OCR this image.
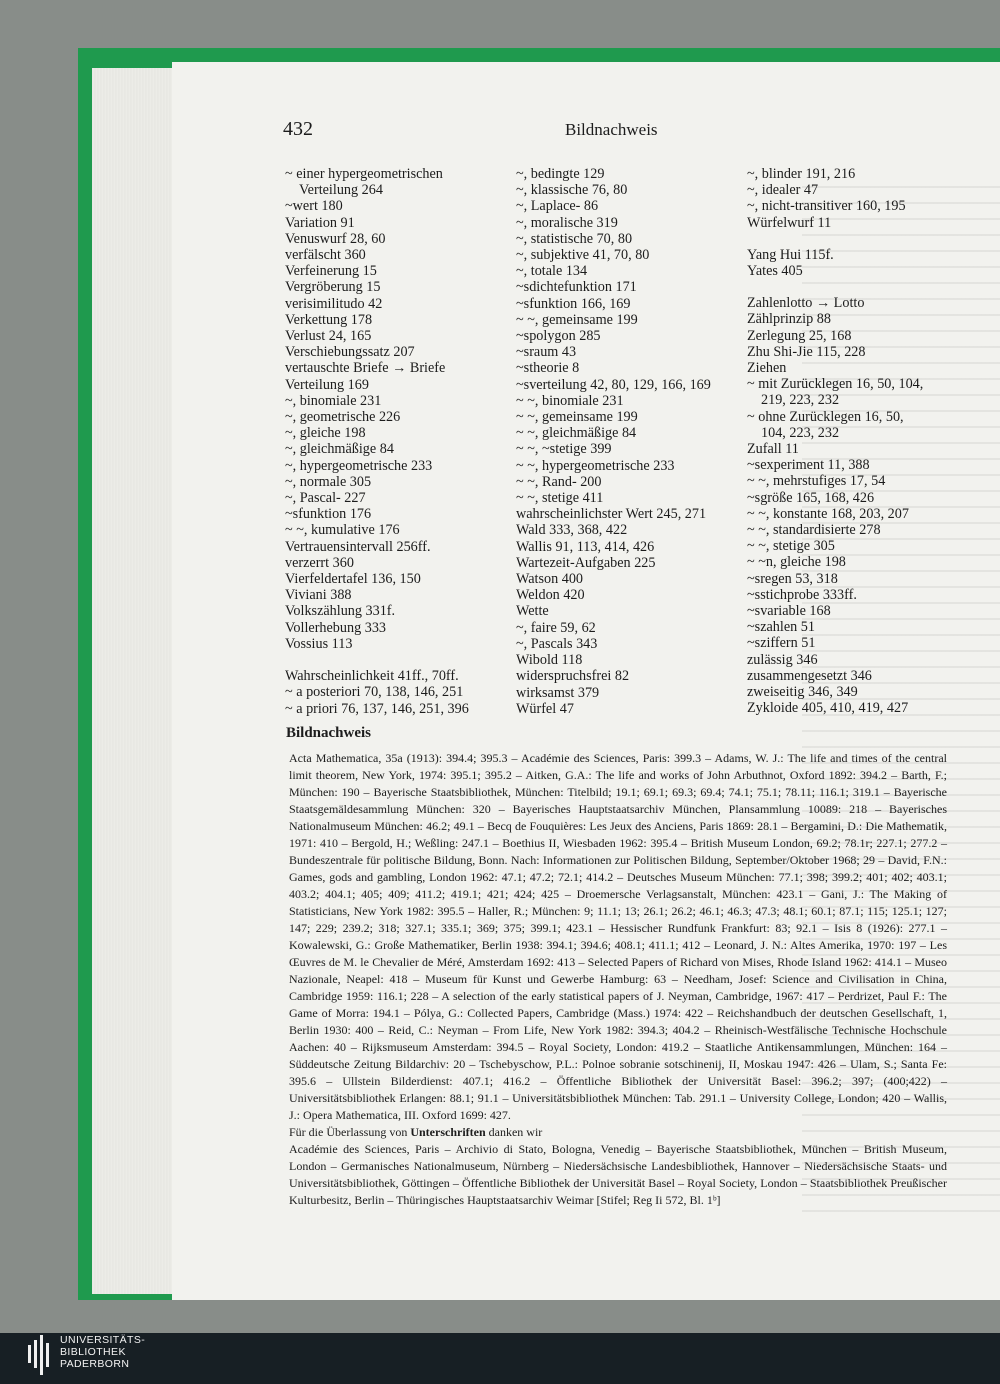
432	Bildnachweis
~ einer hypergeometrischen
Verteilung 264
~wert 180
Variation 91
Venuswurf 28, 60
verfälscht 360
Verfeinerung 15
Vergröberung 15
verisimilitudo 42
Verkettung 178
Verlust 24, 165
Verschiebungssatz 207
vertauschte Briefe → Briefe
Verteilung 169
~, binomiale 231
~, geometrische 226
~, gleiche 198
~, gleichmäßige 84
~, hypergeometrische 233
~, normale 305
~, Pascal- 227
~sfunktion 176
~ ~, kumulative 176
Vertrauensintervall 256ff.
verzerrt 360
Vierfeldertafel 136, 150
Viviani 388
Volkszählung 331f.
Vollerhebung 333
Vossius 113
Wahrscheinlichkeit 41ff., 70ff.
~ a posteriori 70, 138, 146, 251
~ a priori 76, 137, 146, 251, 396
~, bedingte 129
~, klassische 76, 80
~, Laplace- 86
~, moralische 319
~, statistische 70, 80
~, subjektive 41, 70, 80
~, totale 134
~sdichtefunktion 171
~sfunktion 166, 169
~ ~, gemeinsame 199
~spolygon 285
~sraum 43
~stheorie 8
~sverteilung 42, 80, 129, 166, 169
~ ~, binomiale 231
~ ~, gemeinsame 199
~ ~, gleichmäßige 84
~ ~, ~stetige 399
~ ~, hypergeometrische 233
~ ~, Rand- 200
~ ~, stetige 411
wahrscheinlichster Wert 245, 271
Wald 333, 368, 422
Wallis 91, 113, 414, 426
Wartezeit-Aufgaben 225
Watson 400
Weldon 420
Wette
~, faire 59, 62
~, Pascals 343
Wibold 118
widerspruchsfrei 82
wirksamst 379
Würfel 47
~, blinder 191, 216
~, idealer 47
~, nicht-transitiver 160, 195
Würfelwurf 11
Yang Hui 115f.
Yates 405
Zahlenlotto → Lotto
Zählprinzip 88
Zerlegung 25, 168
Zhu Shi-Jie 115, 228
Ziehen
~ mit Zurücklegen 16, 50, 104,
219, 223, 232
~ ohne Zurücklegen 16, 50,
104, 223, 232
Zufall 11
~sexperiment 11, 388
~ ~, mehrstufiges 17, 54
~sgröße 165, 168, 426
~ ~, konstante 168, 203, 207
~ ~, standardisierte 278
~ ~, stetige 305
~ ~n, gleiche 198
~sregen 53, 318
~sstichprobe 333ff.
~svariable 168
~szahlen 51
~sziffern 51
zulässig 346
zusammengesetzt 346
zweiseitig 346, 349
Zykloide 405, 410, 419, 427
Bildnachweis

Acta Mathematica, 35a (1913): 394.4; 395.3 – Académie des Sciences, Paris: 399.3 – Adams, W. J.: The life and times of the central limit theorem, New York, 1974: 395.1; 395.2 – Aitken, G.A.: The life and works of John Arbuthnot, Oxford 1892: 394.2 – Barth, F.; München: 190 – Bayerische Staatsbibliothek, München: Titelbild; 19.1; 69.1; 69.3; 69.4; 74.1; 75.1; 78.11; 116.1; 319.1 – Bayerische Staatsgemäldesammlung München: 320 – Bayerisches Hauptstaatsarchiv München, Plansammlung 10089: 218 – Bayerisches Nationalmuseum München: 46.2; 49.1 – Becq de Fouquières: Les Jeux des Anciens, Paris 1869: 28.1 – Bergamini, D.: Die Mathematik, 1971: 410 – Bergold, H.; Weßling: 247.1 – Boethius II, Wiesbaden 1962: 395.4 – British Museum London, 69.2; 78.1r; 227.1; 277.2 – Bundeszentrale für politische Bildung, Bonn. Nach: Informationen zur Politischen Bildung, September/Oktober 1968; 29 – David, F.N.: Games, gods and gambling, London 1962: 47.1; 47.2; 72.1; 414.2 – Deutsches Museum München: 77.1; 398; 399.2; 401; 402; 403.1; 403.2; 404.1; 405; 409; 411.2; 419.1; 421; 424; 425 – Droemersche Verlagsanstalt, München: 423.1 – Gani, J.: The Making of Statisticians, New York 1982: 395.5 – Haller, R.; München: 9; 11.1; 13; 26.1; 26.2; 46.1; 46.3; 47.3; 48.1; 60.1; 87.1; 115; 125.1; 127; 147; 229; 239.2; 318; 327.1; 335.1; 369; 375; 399.1; 423.1 – Hessischer Rundfunk Frankfurt: 83; 92.1 – Isis 8 (1926): 277.1 – Kowalewski, G.: Große Mathematiker, Berlin 1938: 394.1; 394.6; 408.1; 411.1; 412 – Leonard, J. N.: Altes Amerika, 1970: 197 – Les Œuvres de M. le Chevalier de Méré, Amsterdam 1692: 413 – Selected Papers of Richard von Mises, Rhode Island 1962: 414.1 – Museo Nazionale, Neapel: 418 – Museum für Kunst und Gewerbe Hamburg: 63 – Needham, Josef: Science and Civilisation in China, Cambridge 1959: 116.1; 228 – A selection of the early statistical papers of J. Neyman, Cambridge, 1967: 417 – Perdrizet, Paul F.: The Game of Morra: 194.1 – Pólya, G.: Collected Papers, Cambridge (Mass.) 1974: 422 – Reichshandbuch der deutschen Gesellschaft, 1, Berlin 1930: 400 – Reid, C.: Neyman – From Life, New York 1982: 394.3; 404.2 – Rheinisch-Westfälische Technische Hochschule Aachen: 40 – Rijksmuseum Amsterdam: 394.5 – Royal Society, London: 419.2 – Staatliche Antikensammlungen, München: 164 – Süddeutsche Zeitung Bildarchiv: 20 – Tschebyschow, P.L.: Polnoe sobranie sotschinenij, II, Moskau 1947: 426 – Ulam, S.; Santa Fe: 395.6 – Ullstein Bilderdienst: 407.1; 416.2 – Öffentliche Bibliothek der Universität Basel: 396.2; 397; (400;422) – Universitätsbibliothek Erlangen: 88.1; 91.1 – Universitätsbibliothek München: Tab. 291.1 – University College, London; 420 – Wallis, J.: Opera Mathematica, III. Oxford 1699: 427.

Für die Überlassung von Unterschriften danken wir

Académie des Sciences, Paris – Archivio di Stato, Bologna, Venedig – Bayerische Staatsbibliothek, München – British Museum, London – Germanisches Nationalmuseum, Nürnberg – Niedersächsische Landesbibliothek, Hannover – Niedersächsische Staats- und Universitätsbibliothek, Göttingen – Öffentliche Bibliothek der Universität Basel – Royal Society, London – Staatsbibliothek Preußischer Kulturbesitz, Berlin – Thüringisches Hauptstaatsarchiv Weimar [Stifel; Reg Ii 572, Bl. 1ᵇ]

UNIVERSITÄTS-
BIBLIOTHEK
PADERBORN
